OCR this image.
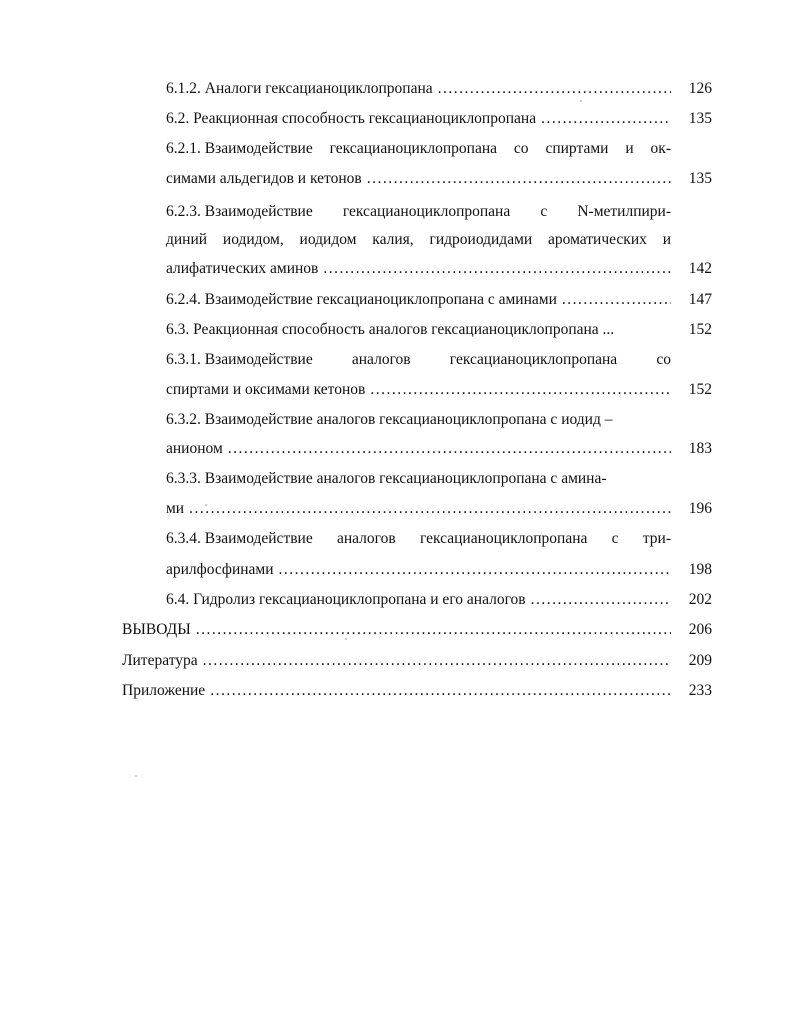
6.1.2.
Аналоги гексацианоциклопропана .....	126
6.2.
Реакционная способность гексацианоциклопропана .....	135
6.2.1.
Взаимодействие гексацианоциклопропана со спиртами и ок-
симами альдегидов и кетонов .....	135
6.2.3.
Взаимодействие гексацианоциклопропана с N-метилпири-
диний иодидом, иодидом калия, гидроиодидами ароматических и
алифатических аминов .....	142
6.2.4.
Взаимодействие гексацианоциклопропана с аминами .....	147
6.3.
Реакционная способность аналогов гексацианоциклопропана ...	152
6.3.1.
Взаимодействие аналогов гексацианоциклопропана со
спиртами и оксимами кетонов .....	152
6.3.2.
Взаимодействие аналогов гексацианоциклопропана с иодид –
анионом .....	183
6.3.3.
Взаимодействие аналогов гексацианоциклопропана с амина-
ми .....	196
6.3.4.
Взаимодействие аналогов гексацианоциклопропана с три-
арилфосфинами .....	198
6.4.
Гидролиз гексацианоциклопропана и его аналогов .....	202
ВЫВОДЫ .....	206
Литература .....	209
Приложение .....	233
